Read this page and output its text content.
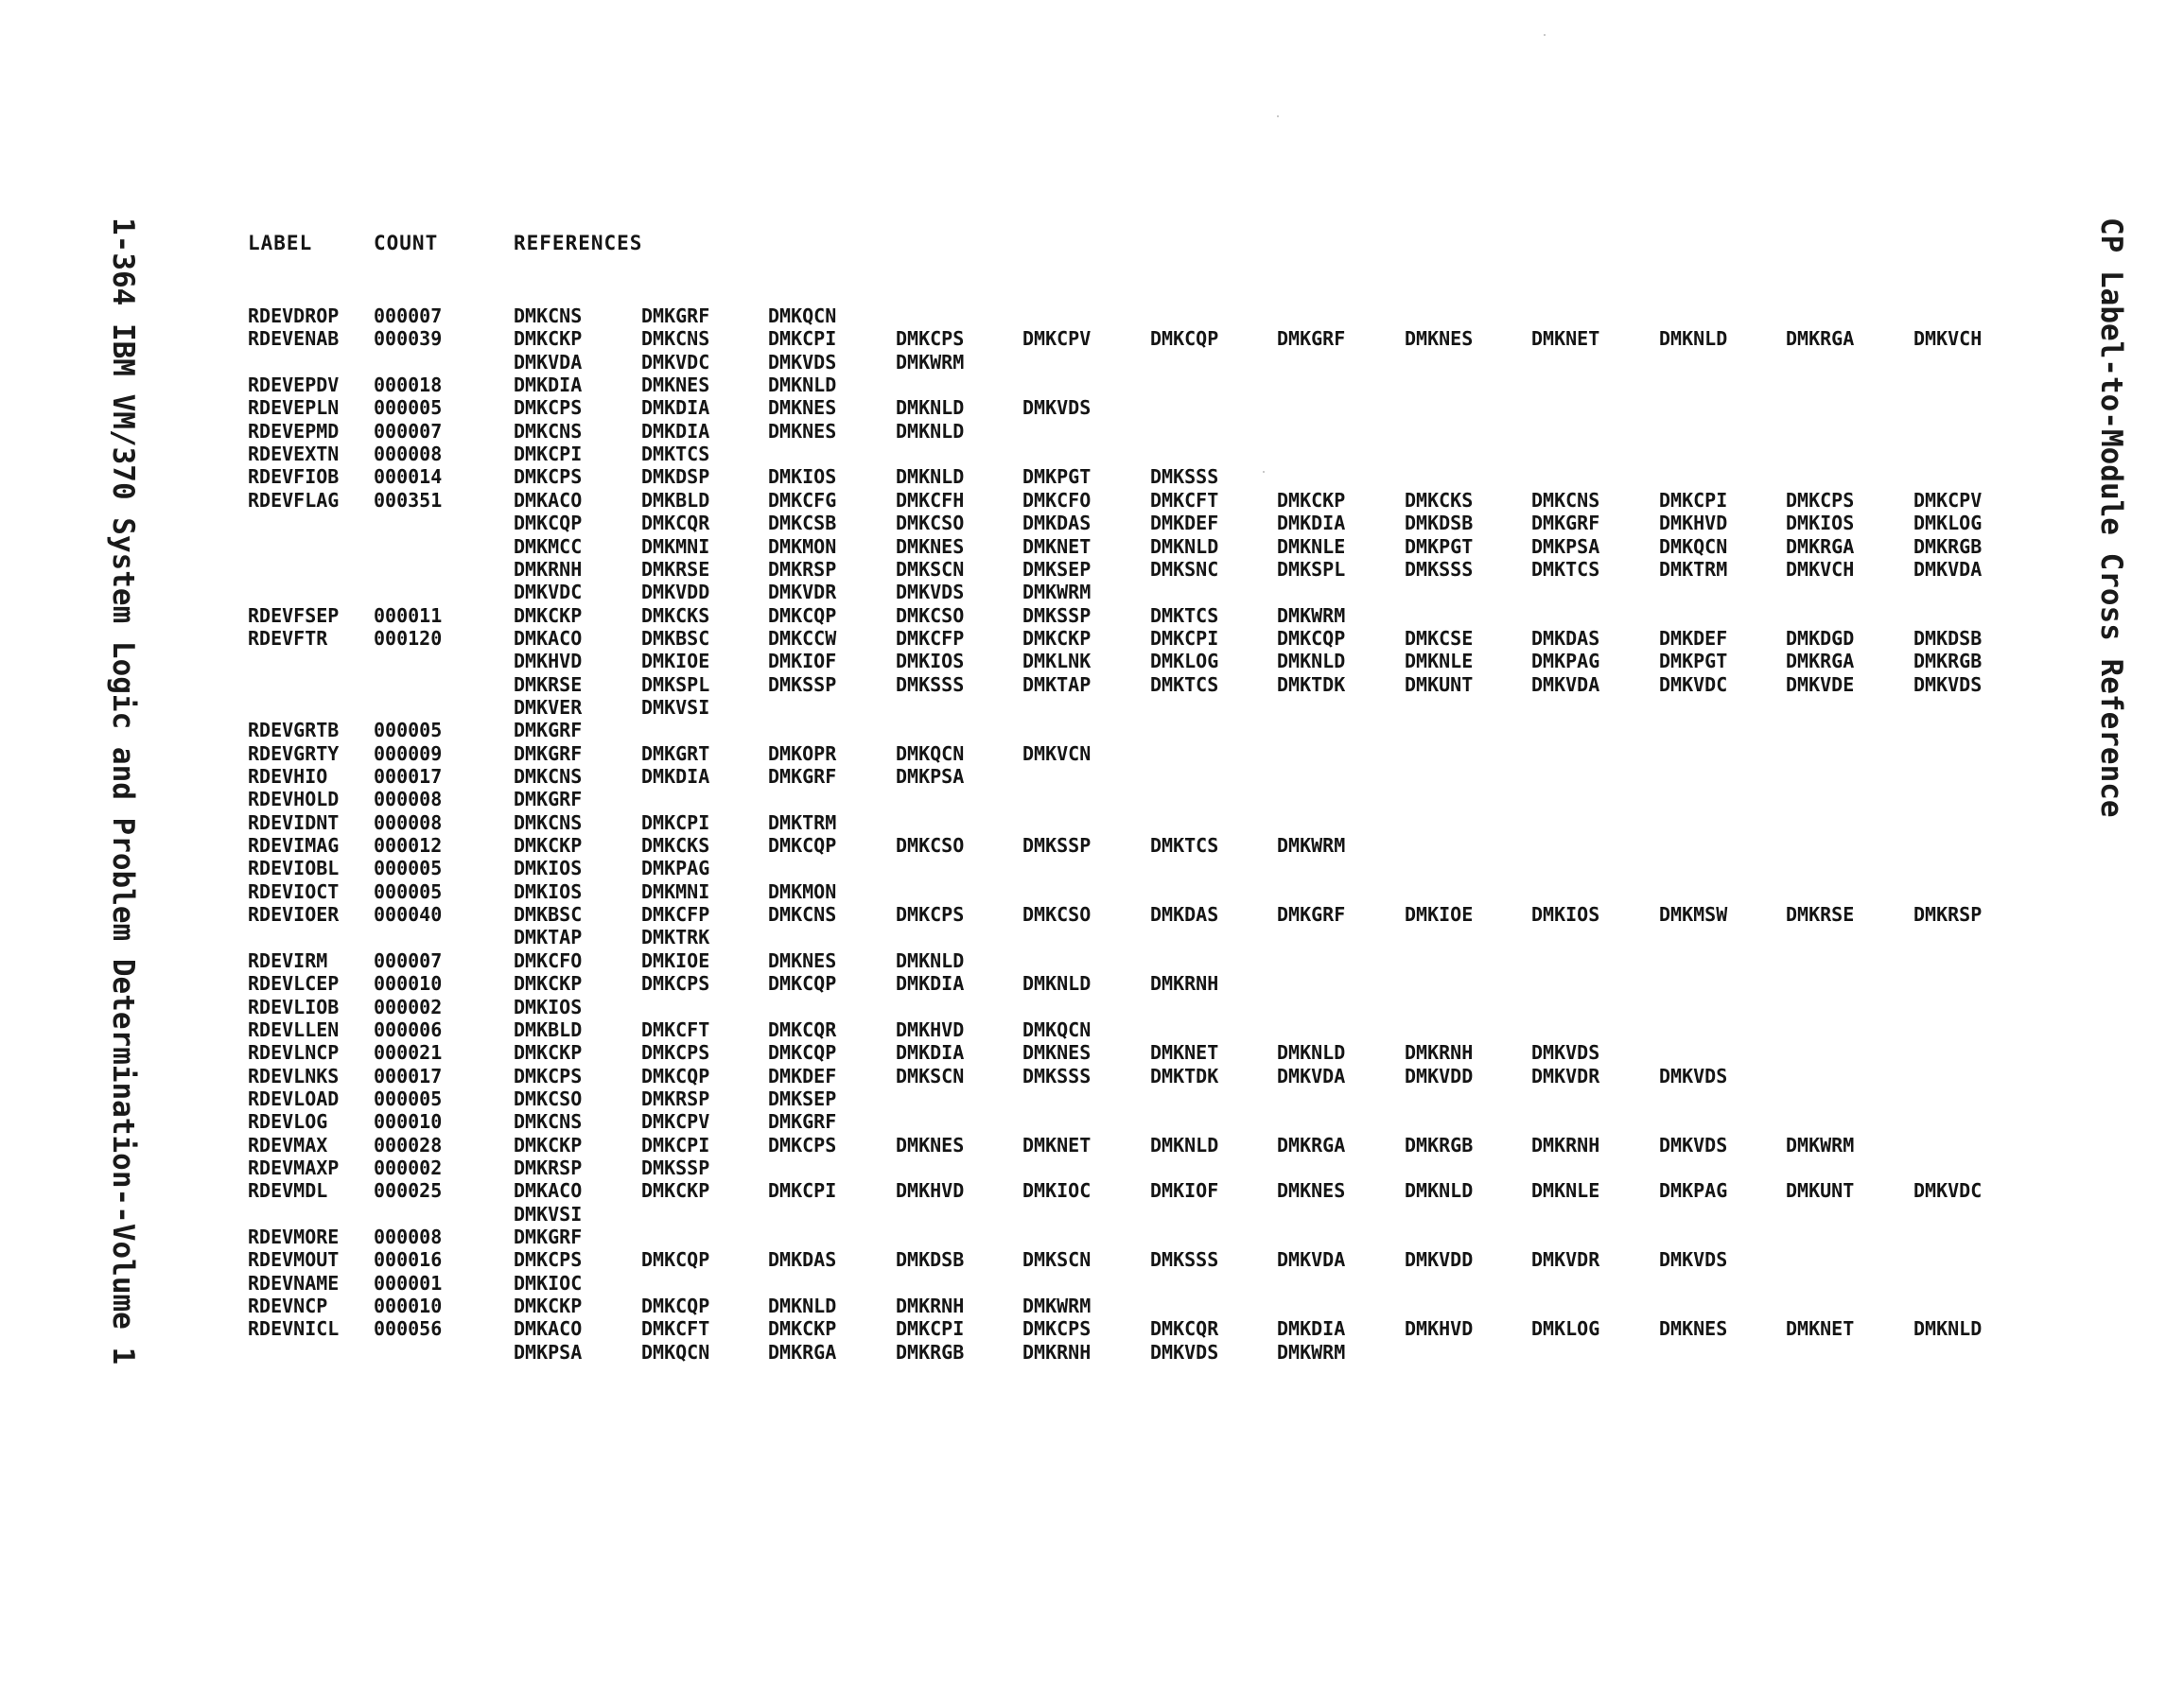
1-364 IBM VM/370 System Logic and Problem Determination--Volume 1	CP Label-to-Module Cross Reference
LABEL	COUNT	REFERENCES
RDEVDROP 000007	DMKCNS	DMKGRF	DMKQCN
RDEVENAB 000039	DMKCKP	DMKCNS	DMKCPI	DMKCPS	DMKCPV	DMKCQP	DMKGRF	DMKNES	DMKNET	DMKNLD	DMKRGA	DMKVCH
DMKVDA	DMKVDC	DMKVDS	DMKWRM
RDEVEPDV 000018	DMKDIA	DMKNES	DMKNLD
RDEVEPLN 000005	DMKCPS	DMKDIA	DMKNES	DMKNLD	DMKVDS
RDEVEPMD 000007	DMKCNS	DMKDIA	DMKNES	DMKNLD
RDEVEXTN 000008	DMKCPI	DMKTCS
RDEVFIOB 000014	DMKCPS	DMKDSP	DMKIOS	DMKNLD	DMKPGT	DMKSSS
RDEVFLAG 000351	DMKACO	DMKBLD	DMKCFG	DMKCFH	DMKCFO	DMKCFT	DMKCKP	DMKCKS	DMKCNS	DMKCPI	DMKCPS	DMKCPV
DMKCQP	DMKCQR	DMKCSB	DMKCSO	DMKDAS	DMKDEF	DMKDIA	DMKDSB	DMKGRF	DMKHVD	DMKIOS	DMKLOG
DMKMCC	DMKMNI	DMKMON	DMKNES	DMKNET	DMKNLD	DMKNLE	DMKPGT	DMKPSA	DMKQCN	DMKRGA	DMKRGB
DMKRNH	DMKRSE	DMKRSP	DMKSCN	DMKSEP	DMKSNC	DMKSPL	DMKSSS	DMKTCS	DMKTRM	DMKVCH	DMKVDA
DMKVDC	DMKVDD	DMKVDR	DMKVDS	DMKWRM
RDEVFSEP 000011	DMKCKP	DMKCKS	DMKCQP	DMKCSO	DMKSSP	DMKTCS	DMKWRM
RDEVFTR 000120	DMKACO	DMKBSC	DMKCCW	DMKCFP	DMKCKP	DMKCPI	DMKCQP	DMKCSE	DMKDAS	DMKDEF	DMKDGD	DMKDSB
DMKHVD	DMKIOE	DMKIOF	DMKIOS	DMKLNK	DMKLOG	DMKNLD	DMKNLE	DMKPAG	DMKPGT	DMKRGA	DMKRGB
DMKRSE	DMKSPL	DMKSSP	DMKSSS	DMKTAP	DMKTCS	DMKTDK	DMKUNT	DMKVDA	DMKVDC	DMKVDE	DMKVDS
DMKVER	DMKVSI
RDEVGRTB 000005	DMKGRF
RDEVGRTY 000009	DMKGRF	DMKGRT	DMKOPR	DMKQCN	DMKVCN
RDEVHIO 000017	DMKCNS	DMKDIA	DMKGRF	DMKPSA
RDEVHOLD 000008	DMKGRF
RDEVIDNT 000008	DMKCNS	DMKCPI	DMKTRM
RDEVIMAG 000012	DMKCKP	DMKCKS	DMKCQP	DMKCSO	DMKSSP	DMKTCS	DMKWRM
RDEVIOBL 000005	DMKIOS	DMKPAG
RDEVIOCT 000005	DMKIOS	DMKMNI	DMKMON
RDEVIOER 000040	DMKBSC	DMKCFP	DMKCNS	DMKCPS	DMKCSO	DMKDAS	DMKGRF	DMKIOE	DMKIOS	DMKMSW	DMKRSE	DMKRSP
DMKTAP	DMKTRK
RDEVIRM 000007	DMKCFO	DMKIOE	DMKNES	DMKNLD
RDEVLCEP 000010	DMKCKP	DMKCPS	DMKCQP	DMKDIA	DMKNLD	DMKRNH
RDEVLIOB 000002	DMKIOS
RDEVLLEN 000006	DMKBLD	DMKCFT	DMKCQR	DMKHVD	DMKQCN
RDEVLNCP 000021	DMKCKP	DMKCPS	DMKCQP	DMKDIA	DMKNES	DMKNET	DMKNLD	DMKRNH	DMKVDS
RDEVLNKS 000017	DMKCPS	DMKCQP	DMKDEF	DMKSCN	DMKSSS	DMKTDK	DMKVDA	DMKVDD	DMKVDR	DMKVDS
RDEVLOAD 000005	DMKCSO	DMKRSP	DMKSEP
RDEVLOG 000010	DMKCNS	DMKCPV	DMKGRF
RDEVMAX 000028	DMKCKP	DMKCPI	DMKCPS	DMKNES	DMKNET	DMKNLD	DMKRGA	DMKRGB	DMKRNH	DMKVDS	DMKWRM
RDEVMAXP 000002	DMKRSP	DMKSSP
RDEVMDL 000025	DMKACO	DMKCKP	DMKCPI	DMKHVD	DMKIOC	DMKIOF	DMKNES	DMKNLD	DMKNLE	DMKPAG	DMKUNT	DMKVDC
DMKVSI
RDEVMORE 000008	DMKGRF
RDEVMOUT 000016	DMKCPS	DMKCQP	DMKDAS	DMKDSB	DMKSCN	DMKSSS	DMKVDA	DMKVDD	DMKVDR	DMKVDS
RDEVNAME 000001	DMKIOC
RDEVNCP 000010	DMKCKP	DMKCQP	DMKNLD	DMKRNH	DMKWRM
RDEVNICL 000056	DMKACO	DMKCFT	DMKCKP	DMKCPI	DMKCPS	DMKCQR	DMKDIA	DMKHVD	DMKLOG	DMKNES	DMKNET	DMKNLD
DMKPSA	DMKQCN	DMKRGA	DMKRGB	DMKRNH	DMKVDS	DMKWRM
